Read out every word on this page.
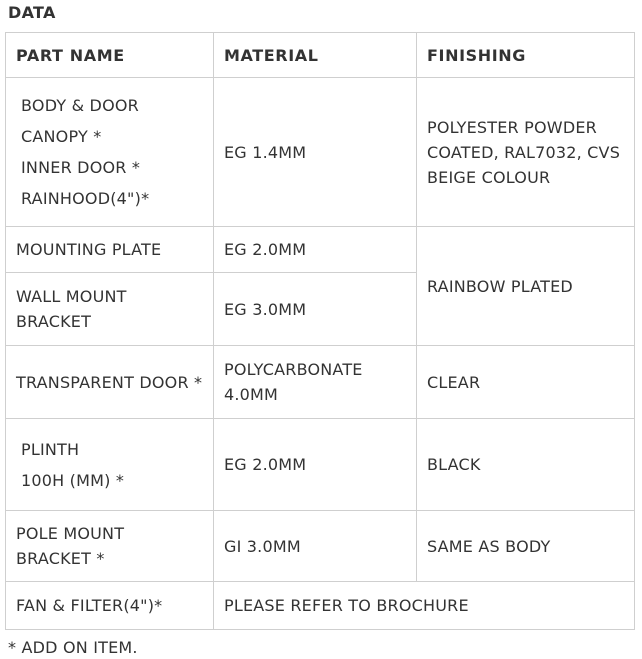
DATA
PART NAME	MATERIAL	FINISHING

BODY & DOOR
CANOPY *
INNER DOOR *
RAINHOOD(4")*	EG 1.4MM	POLYESTER POWDER COATED, RAL7032, CVS BEIGE COLOUR
MOUNTING PLATE	EG 2.0MM	RAINBOW PLATED
WALL MOUNT BRACKET	EG 3.0MM	
TRANSPARENT DOOR *	POLYCARBONATE 4.0MM	CLEAR

PLINTH
100H (MM) *	EG 2.0MM	BLACK
POLE MOUNT BRACKET *	GI 3.0MM	SAME AS BODY
FAN & FILTER(4")*	PLEASE REFER TO BROCHURE	
* ADD ON ITEM.
